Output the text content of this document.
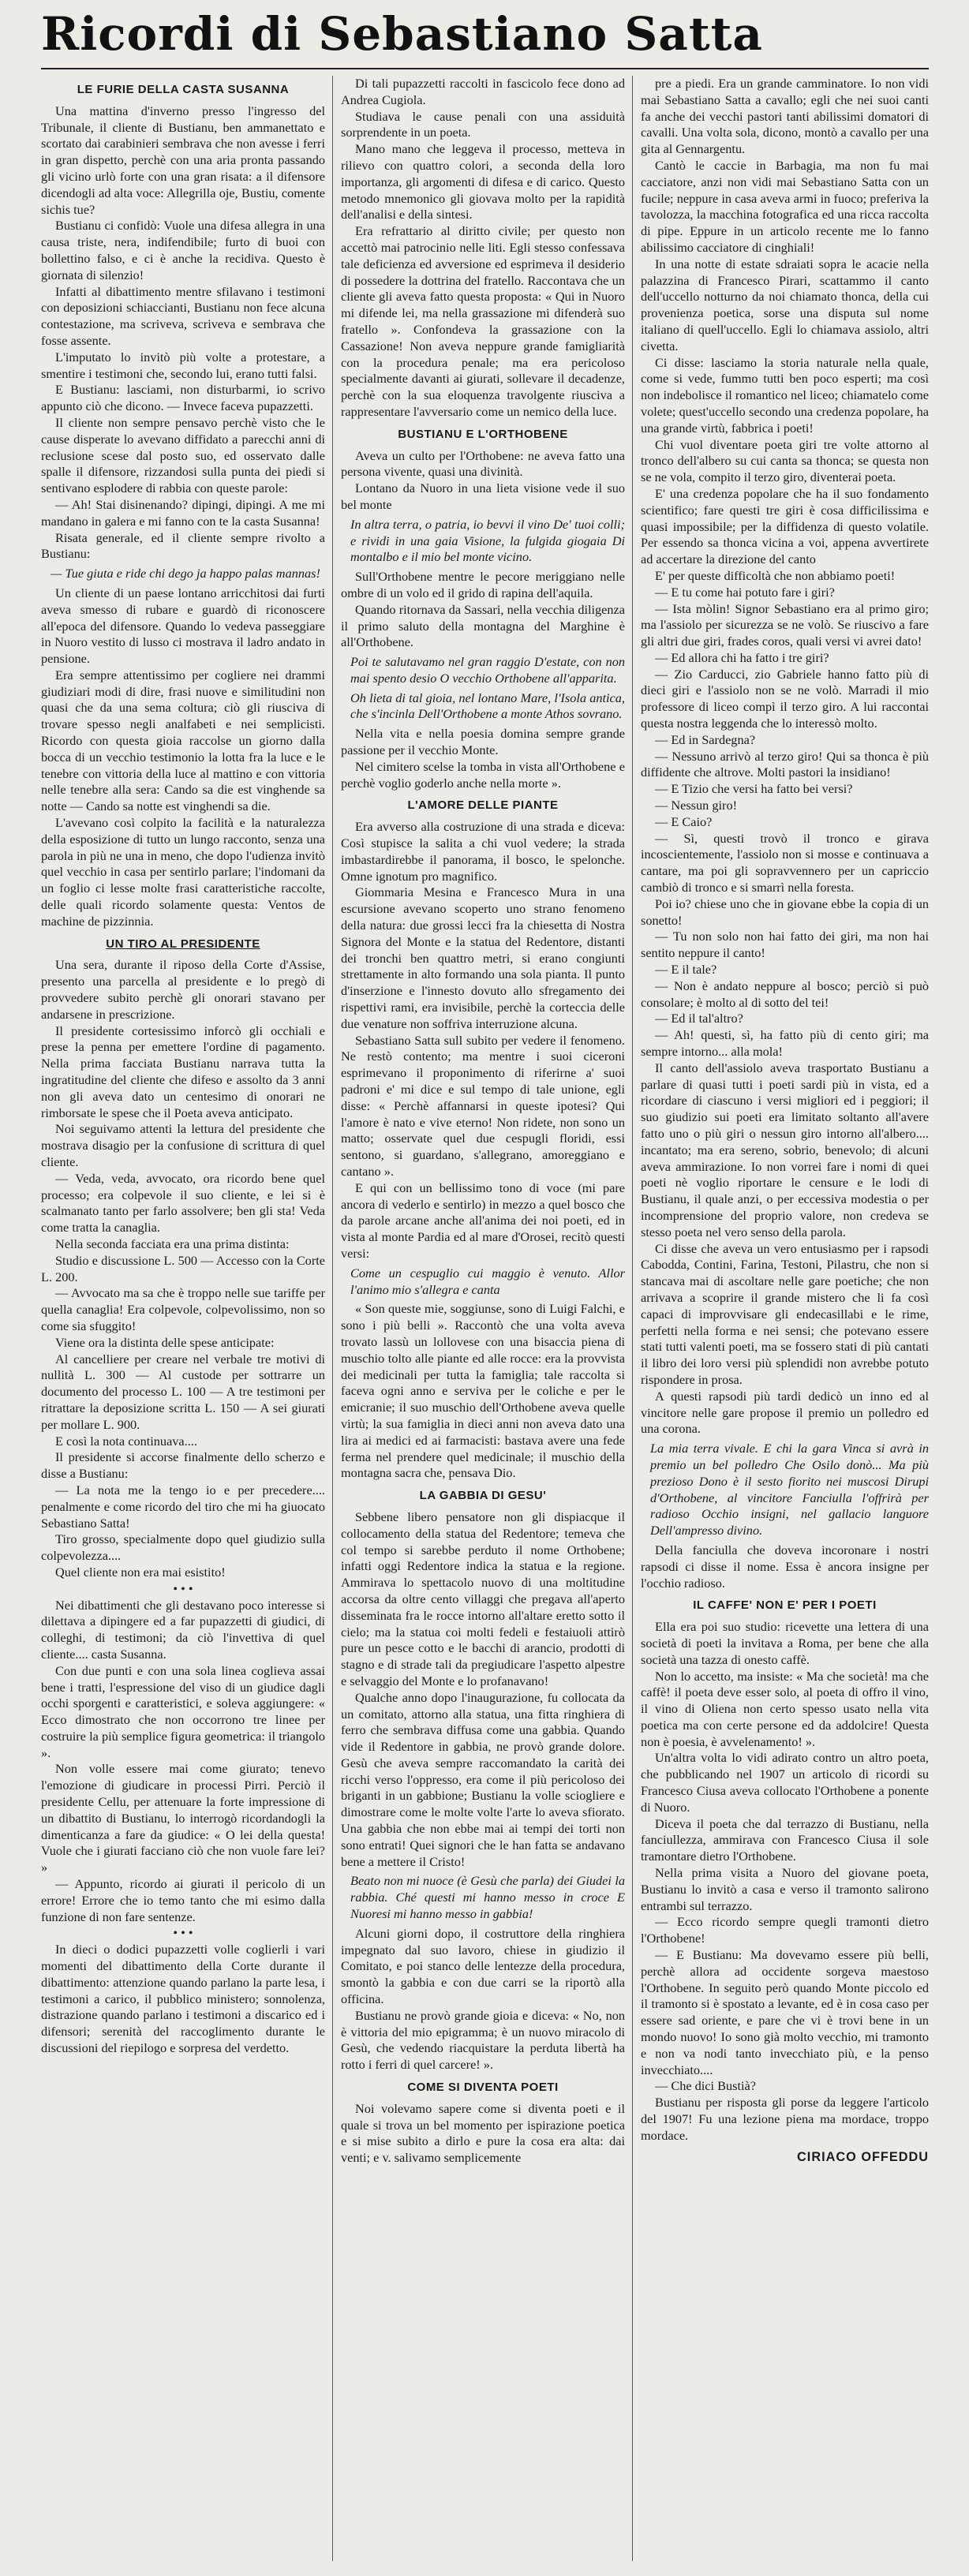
Ricordi di Sebastiano Satta
LE FURIE DELLA CASTA SUSANNA

Una mattina d'inverno presso l'ingresso del Tribunale, il cliente di Bustianu, ben ammanettato e scortato dai carabinieri sembrava che non avesse i ferri in gran dispetto, perchè con una aria pronta passando gli vicino urlò forte con una gran risata: a il difensore dicendogli ad alta voce: Allegrilla oje, Bustiu, comente sichis tue?

Bustianu ci confidò: Vuole una difesa allegra in una causa triste, nera, indifendibile; furto di buoi con bollettino falso, e ci è anche la recidiva. Questo è giornata di silenzio!

Infatti al dibattimento mentre sfilavano i testimoni con deposizioni schiaccianti, Bustianu non fece alcuna contestazione, ma scriveva, scriveva e sembrava che fosse assente.

L'imputato lo invitò più volte a protestare, a smentire i testimoni che, secondo lui, erano tutti falsi.

E Bustianu: lasciami, non disturbarmi, io scrivo appunto ciò che dicono. — Invece faceva pupazzetti.

Il cliente non sempre pensavo perchè visto che le cause disperate lo avevano diffidato a parecchi anni di reclusione scese dal posto suo, ed osservato dalle spalle il difensore, rizzandosi sulla punta dei piedi si sentivano esplodere di rabbia con queste parole:

— Ah! Stai disinenando? dipingi, dipingi. A me mi mandano in galera e mi fanno con te la casta Susanna!

Risata generale, ed il cliente sempre rivolto a Bustianu:

— Tue giuta e ride chi dego ja happo palas mannas!

Un cliente di un paese lontano arricchitosi dai furti aveva smesso di rubare e guardò di riconoscere all'epoca del difensore. Quando lo vedeva passeggiare in Nuoro vestito di lusso ci mostrava il ladro andato in pensione.

Era sempre attentissimo per cogliere nei drammi giudiziari modi di dire, frasi nuove e similitudini non quasi che da una sema coltura; ciò gli riusciva di trovare spesso negli analfabeti e nei semplicisti. Ricordo con questa gioia raccolse un giorno dalla bocca di un vecchio testimonio la lotta fra la luce e le tenebre con vittoria della luce al mattino e con vittoria nelle tenebre alla sera: Cando sa die est vinghende sa notte — Cando sa notte est vinghendi sa die.

L'avevano così colpito la facilità e la naturalezza della esposizione di tutto un lungo racconto, senza una parola in più ne una in meno, che dopo l'udienza invitò quel vecchio in casa per sentirlo parlare; l'indomani da un foglio ci lesse molte frasi caratteristiche raccolte, delle quali ricordo solamente questa: Ventos de machine de pizzinnia.

UN TIRO AL PRESIDENTE

Una sera, durante il riposo della Corte d'Assise, presento una parcella al presidente e lo pregò di provvedere subito perchè gli onorari stavano per andarsene in prescrizione.

Il presidente cortesissimo inforcò gli occhiali e prese la penna per emettere l'ordine di pagamento. Nella prima facciata Bustianu narrava tutta la ingratitudine del cliente che difeso e assolto da 3 anni non gli aveva dato un centesimo di onorari ne rimborsate le spese che il Poeta aveva anticipato.

Noi seguivamo attenti la lettura del presidente che mostrava disagio per la confusione di scrittura di quel cliente.

— Veda, veda, avvocato, ora ricordo bene quel processo; era colpevole il suo cliente, e lei si è scalmanato tanto per farlo assolvere; ben gli sta! Veda come tratta la canaglia.

Nella seconda facciata era una prima distinta:

Studio e discussione L. 500 — Accesso con la Corte L. 200.

— Avvocato ma sa che è troppo nelle sue tariffe per quella canaglia! Era colpevole, colpevolissimo, non so come sia sfuggito!

Viene ora la distinta delle spese anticipate:

Al cancelliere per creare nel verbale tre motivi di nullità L. 300 — Al custode per sottrarre un documento del processo L. 100 — A tre testimoni per ritrattare la deposizione scritta L. 150 — A sei giurati per mollare L. 900.

E così la nota continuava....

Il presidente si accorse finalmente dello scherzo e disse a Bustianu:

— La nota me la tengo io e per precedere.... penalmente e come ricordo del tiro che mi ha giuocato Sebastiano Satta!

Tiro grosso, specialmente dopo quel giudizio sulla colpevolezza....

Quel cliente non era mai esistito!

• • •

Nei dibattimenti che gli destavano poco interesse si dilettava a dipingere ed a far pupazzetti di giudici, di colleghi, di testimoni; da ciò l'invettiva di quel cliente.... casta Susanna.

Con due punti e con una sola linea coglieva assai bene i tratti, l'espressione del viso di un giudice dagli occhi sporgenti e caratteristici, e soleva aggiungere: « Ecco dimostrato che non occorrono tre linee per costruire la più semplice figura geometrica: il triangolo ».

Non volle essere mai come giurato; tenevo l'emozione di giudicare in processi Pirri. Perciò il presidente Cellu, per attenuare la forte impressione di un dibattito di Bustianu, lo interrogò ricordandogli la dimenticanza a fare da giudice: « O lei della questa! Vuole che i giurati facciano ciò che non vuole fare lei? »

— Appunto, ricordo ai giurati il pericolo di un errore! Errore che io temo tanto che mi esimo dalla funzione di non fare sentenze.

• • •

In dieci o dodici pupazzetti volle coglierli i vari momenti del dibattimento della Corte durante il dibattimento: attenzione quando parlano la parte lesa, i testimoni a carico, il pubblico ministero; sonnolenza, distrazione quando parlano i testimoni a discarico ed i difensori; serenità del raccoglimento durante le discussioni del riepilogo e sorpresa del verdetto.

Di tali pupazzetti raccolti in fascicolo fece dono ad Andrea Cugiola.

Studiava le cause penali con una assiduità sorprendente in un poeta.

Mano mano che leggeva il processo, metteva in rilievo con quattro colori, a seconda della loro importanza, gli argomenti di difesa e di carico. Questo metodo mnemonico gli giovava molto per la rapidità dell'analisi e della sintesi.

Era refrattario al diritto civile; per questo non accettò mai patrocinio nelle liti. Egli stesso confessava tale deficienza ed avversione ed esprimeva il desiderio di possedere la dottrina del fratello. Raccontava che un cliente gli aveva fatto questa proposta: « Qui in Nuoro mi difende lei, ma nella grassazione mi difenderà suo fratello ». Confondeva la grassazione con la Cassazione! Non aveva neppure grande famigliarità con la procedura penale; ma era pericoloso specialmente davanti ai giurati, sollevare il decadenze, perchè con la sua eloquenza travolgente riusciva a rappresentare l'avversario come un nemico della luce.

BUSTIANU E L'ORTHOBENE

Aveva un culto per l'Orthobene: ne aveva fatto una persona vivente, quasi una divinità.

Lontano da Nuoro in una lieta visione vede il suo bel monte

In altra terra, o patria, io bevvi il vino De' tuoi colli; e rividi in una gaia Visione, la fulgida giogaia Di montalbo e il mio bel monte vicino.

Sull'Orthobene mentre le pecore meriggiano nelle ombre di un volo ed il grido di rapina dell'aquila.

Quando ritornava da Sassari, nella vecchia diligenza il primo saluto della montagna del Marghine è all'Orthobene.

Poi te salutavamo nel gran raggio D'estate, con non mai spento desio O vecchio Orthobene all'apparita.

Oh lieta di tal gioia, nel lontano Mare, l'Isola antica, che s'incinla Dell'Orthobene a monte Athos sovrano.

Nella vita e nella poesia domina sempre grande passione per il vecchio Monte.

Nel cimitero scelse la tomba in vista all'Orthobene e perchè voglio goderlo anche nella morte ».

L'AMORE DELLE PIANTE

Era avverso alla costruzione di una strada e diceva: Così stupisce la salita a chi vuol vedere; la strada imbastardirebbe il panorama, il bosco, le spelonche. Omne ignotum pro magnifico.

Giommaria Mesina e Francesco Mura in una escursione avevano scoperto uno strano fenomeno della natura: due grossi lecci fra la chiesetta di Nostra Signora del Monte e la statua del Redentore, distanti dei tronchi ben quattro metri, si erano congiunti strettamente in alto formando una sola pianta. Il punto d'inserzione e l'innesto dovuto allo sfregamento dei rispettivi rami, era invisibile, perchè la corteccia delle due venature non soffriva interruzione alcuna.

Sebastiano Satta sull subito per vedere il fenomeno. Ne restò contento; ma mentre i suoi ciceroni esprimevano il proponimento di riferirne a' suoi padroni e' mi dice e sul tempo di tale unione, egli disse: « Perchè affannarsi in queste ipotesi? Qui l'amore è nato e vive eterno! Non ridete, non sono un matto; osservate quel due cespugli floridi, essi sentono, si guardano, s'allegrano, amoreggiano e cantano ».

E qui con un bellissimo tono di voce (mi pare ancora di vederlo e sentirlo) in mezzo a quel bosco che da parole arcane anche all'anima dei noi poeti, ed in vista al monte Pardia ed al mare d'Orosei, recitò questi versi:

Come un cespuglio cui maggio è venuto. Allor l'animo mio s'allegra e canta

« Son queste mie, soggiunse, sono di Luigi Falchi, e sono i più belli ». Raccontò che una volta aveva trovato lassù un lollovese con una bisaccia piena di muschio tolto alle piante ed alle rocce: era la provvista dei medicinali per tutta la famiglia; tale raccolta si faceva ogni anno e serviva per le coliche e per le emicranie; il suo muschio dell'Orthobene aveva quelle virtù; la sua famiglia in dieci anni non aveva dato una lira ai medici ed ai farmacisti: bastava avere una fede ferma nel prendere quel medicinale; il muschio della montagna sacra che, pensava Dio.

LA GABBIA DI GESU'

Sebbene libero pensatore non gli dispiacque il collocamento della statua del Redentore; temeva che col tempo si sarebbe perduto il nome Orthobene; infatti oggi Redentore indica la statua e la regione. Ammirava lo spettacolo nuovo di una moltitudine accorsa da oltre cento villaggi che pregava all'aperto disseminata fra le rocce intorno all'altare eretto sotto il cielo; ma la statua coi molti fedeli e festaiuoli attirò pure un pesce cotto e le bacchi di arancio, prodotti di stagno e di strade tali da pregiudicare l'aspetto alpestre e selvaggio del Monte e lo profanavano!

Qualche anno dopo l'inaugurazione, fu collocata da un comitato, attorno alla statua, una fitta ringhiera di ferro che sembrava diffusa come una gabbia. Quando vide il Redentore in gabbia, ne provò grande dolore. Gesù che aveva sempre raccomandato la carità dei ricchi verso l'oppresso, era come il più pericoloso dei briganti in un gabbione; Bustianu la volle sciogliere e dimostrare come le molte volte l'arte lo aveva sfiorato. Una gabbia che non ebbe mai ai tempi dei torti non sono entrati! Quei signori che le han fatta se andavano bene a mettere il Cristo!

Beato non mi nuoce (è Gesù che parla) dei Giudei la rabbia. Ché questi mi hanno messo in croce E Nuoresi mi hanno messo in gabbia!

Alcuni giorni dopo, il costruttore della ringhiera impegnato dal suo lavoro, chiese in giudizio il Comitato, e poi stanco delle lentezze della procedura, smontò la gabbia e con due carri se la riportò alla officina.

Bustianu ne provò grande gioia e diceva: « No, non è vittoria del mio epigramma; è un nuovo miracolo di Gesù, che vedendo riacquistare la perduta libertà ha rotto i ferri di quel carcere! ».

COME SI DIVENTA POETI

Noi volevamo sapere come si diventa poeti e il quale si trova un bel momento per ispirazione poetica e si mise subito a dirlo e pure la cosa era alta: dai venti; e v. salivamo semplicemente

pre a piedi. Era un grande camminatore. Io non vidi mai Sebastiano Satta a cavallo; egli che nei suoi canti fa anche dei vecchi pastori tanti abilissimi domatori di cavalli. Una volta sola, dicono, montò a cavallo per una gita al Gennargentu.

Cantò le caccie in Barbagia, ma non fu mai cacciatore, anzi non vidi mai Sebastiano Satta con un fucile; neppure in casa aveva armi in fuoco; preferiva la tavolozza, la macchina fotografica ed una ricca raccolta di pipe. Eppure in un articolo recente me lo fanno abilissimo cacciatore di cinghiali!

In una notte di estate sdraiati sopra le acacie nella palazzina di Francesco Pirari, scattammo il canto dell'uccello notturno da noi chiamato thonca, della cui provenienza poetica, sorse una disputa sul nome italiano di quell'uccello. Egli lo chiamava assiolo, altri civetta.

Ci disse: lasciamo la storia naturale nella quale, come si vede, fummo tutti ben poco esperti; ma così non indebolisce il romantico nel liceo; chiamatelo come volete; quest'uccello secondo una credenza popolare, ha una grande virtù, fabbrica i poeti!

Chi vuol diventare poeta giri tre volte attorno al tronco dell'albero su cui canta sa thonca; se questa non se ne vola, compito il terzo giro, diventerai poeta.

E' una credenza popolare che ha il suo fondamento scientifico; fare questi tre giri è cosa difficilissima e quasi impossibile; per la diffidenza di questo volatile. Per essendo sa thonca vicina a voi, appena avvertirete ad accertare la direzione del canto

E' per queste difficoltà che non abbiamo poeti!

— E tu come hai potuto fare i giri?

— Ista mòlin! Signor Sebastiano era al primo giro; ma l'assiolo per sicurezza se ne volò. Se riuscivo a fare gli altri due giri, frades coros, quali versi vi avrei dato!

— Ed allora chi ha fatto i tre giri?

— Zio Carducci, zio Gabriele hanno fatto più di dieci giri e l'assiolo non se ne volò. Marradi il mio professore di liceo compì il terzo giro. A lui raccontai questa nostra leggenda che lo interessò molto.

— Ed in Sardegna?

— Nessuno arrivò al terzo giro! Qui sa thonca è più diffidente che altrove. Molti pastori la insidiano!

— E Tizio che versi ha fatto bei versi?

— Nessun giro!

— E Caio?

— Sì, questi trovò il tronco e girava incoscientemente, l'assiolo non si mosse e continuava a cantare, ma poi gli sopravvennero per un capriccio cambiò di tronco e si smarrì nella foresta.

Poi io? chiese uno che in giovane ebbe la copia di un sonetto!

— Tu non solo non hai fatto dei giri, ma non hai sentito neppure il canto!

— E il tale?

— Non è andato neppure al bosco; perciò si può consolare; è molto al di sotto del tei!

— Ed il tal'altro?

— Ah! questi, sì, ha fatto più di cento giri; ma sempre intorno... alla mola!

Il canto dell'assiolo aveva trasportato Bustianu a parlare di quasi tutti i poeti sardi più in vista, ed a ricordare di ciascuno i versi migliori ed i peggiori; il suo giudizio sui poeti era limitato soltanto all'avere fatto uno o più giri o nessun giro intorno all'albero.... incantato; ma era sereno, sobrio, benevolo; di alcuni aveva ammirazione. Io non vorrei fare i nomi di quei poeti nè voglio riportare le censure e le lodi di Bustianu, il quale anzi, o per eccessiva modestia o per incomprensione del proprio valore, non credeva se stesso poeta nel vero senso della parola.

Ci disse che aveva un vero entusiasmo per i rapsodi Cabodda, Contini, Farina, Testoni, Pilastru, che non si stancava mai di ascoltare nelle gare poetiche; che non arrivava a scoprire il grande mistero che li fa così capaci di improvvisare gli endecasillabi e le rime, perfetti nella forma e nei sensi; che potevano essere stati tutti valenti poeti, ma se fossero stati di più cantati il libro dei loro versi più splendidi non avrebbe potuto rispondere in prosa.

A questi rapsodi più tardi dedicò un inno ed al vincitore nelle gare propose il premio un polledro ed una corona.

La mia terra vivale. E chi la gara Vinca si avrà in premio un bel polledro Che Osilo donò... Ma più prezioso Dono è il sesto fiorito nei muscosi Dirupi d'Orthobene, al vincitore Fanciulla l'offrirà per radioso Occhio insigni, nel gallacio languore Dell'ampresso divino.

Della fanciulla che doveva incoronare i nostri rapsodi ci disse il nome. Essa è ancora insigne per l'occhio radioso.

IL CAFFE' NON E' PER I POETI

Ella era poi suo studio: ricevette una lettera di una società di poeti la invitava a Roma, per bene che alla società una tazza di onesto caffè.

Non lo accetto, ma insiste: « Ma che società! ma che caffè! il poeta deve esser solo, al poeta di offro il vino, il vino di Oliena non certo spesso usato nella vita poetica ma con certe persone ed da addolcire! Questa non è poesia, è avvelenamento! ».

Un'altra volta lo vidi adirato contro un altro poeta, che pubblicando nel 1907 un articolo di ricordi su Francesco Ciusa aveva collocato l'Orthobene a ponente di Nuoro.

Diceva il poeta che dal terrazzo di Bustianu, nella fanciullezza, ammirava con Francesco Ciusa il sole tramontare dietro l'Orthobene.

Nella prima visita a Nuoro del giovane poeta, Bustianu lo invitò a casa e verso il tramonto salirono entrambi sul terrazzo.

— Ecco ricordo sempre quegli tramonti dietro l'Orthobene!

— E Bustianu: Ma dovevamo essere più belli, perchè allora ad occidente sorgeva maestoso l'Orthobene. In seguito però quando Monte piccolo ed il tramonto si è spostato a levante, ed è in cosa caso per essere sad oriente, e pare che vi è trovi bene in un mondo nuovo! Io sono già molto vecchio, mi tramonto e non va nodi tanto invecchiato più, e la penso invecchiato....

— Che dici Bustià?

Bustianu per risposta gli porse da leggere l'articolo del 1907! Fu una lezione piena ma mordace, troppo mordace.

CIRIACO OFFEDDU
